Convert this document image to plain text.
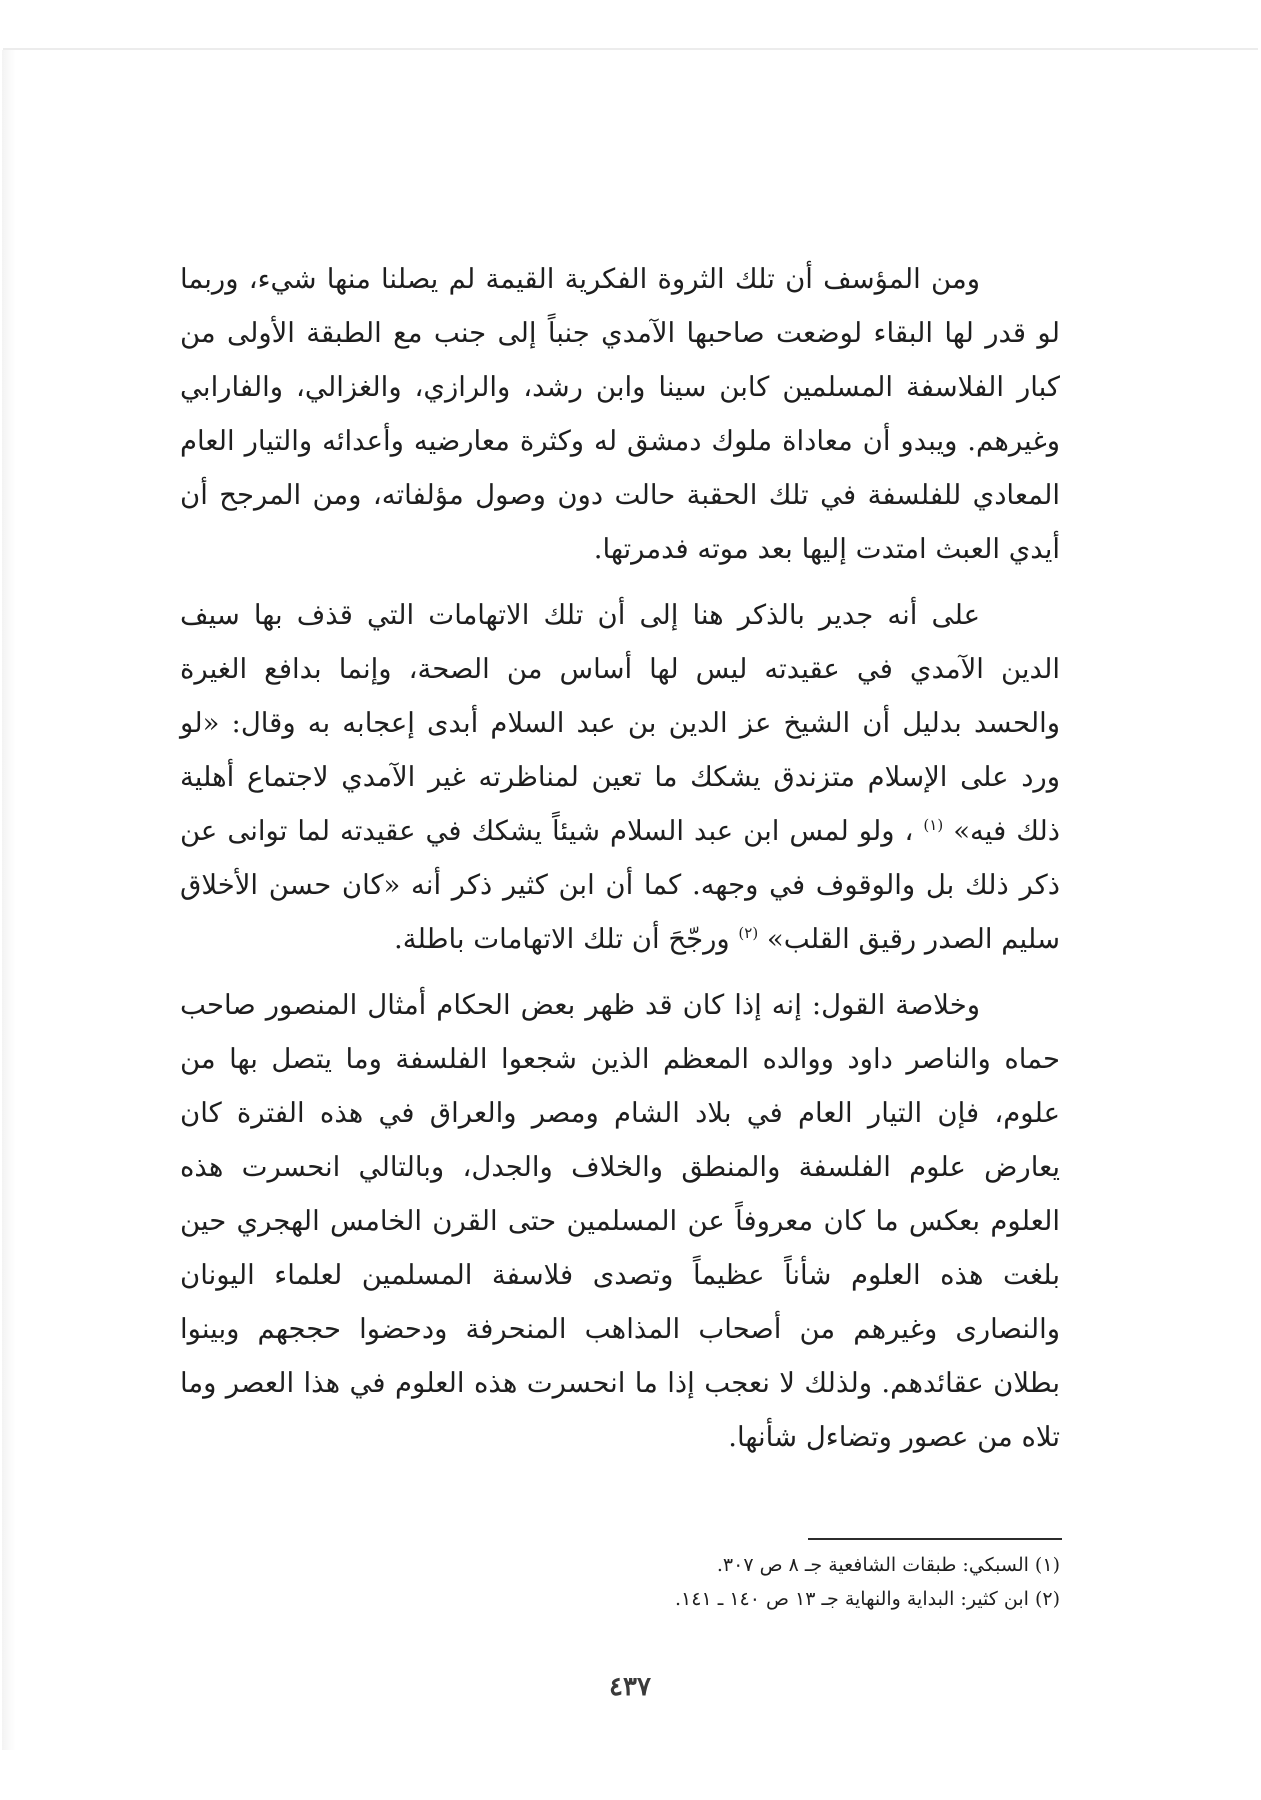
ومن المؤسف أن تلك الثروة الفكرية القيمة لم يصلنا منها شيء، وربما لو قدر لها البقاء لوضعت صاحبها الآمدي جنباً إلى جنب مع الطبقة الأولى من كبار الفلاسفة المسلمين كابن سينا وابن رشد، والرازي، والغزالي، والفارابي وغيرهم. ويبدو أن معاداة ملوك دمشق له وكثرة معارضيه وأعدائه والتيار العام المعادي للفلسفة في تلك الحقبة حالت دون وصول مؤلفاته، ومن المرجح أن أيدي العبث امتدت إليها بعد موته فدمرتها.

على أنه جدير بالذكر هنا إلى أن تلك الاتهامات التي قذف بها سيف الدين الآمدي في عقيدته ليس لها أساس من الصحة، وإنما بدافع الغيرة والحسد بدليل أن الشيخ عز الدين بن عبد السلام أبدى إعجابه به وقال: «لو ورد على الإسلام متزندق يشكك ما تعين لمناظرته غير الآمدي لاجتماع أهلية ذلك فيه» $^{(١)}$ ، ولو لمس ابن عبد السلام شيئاً يشكك في عقيدته لما توانى عن ذكر ذلك بل والوقوف في وجهه. كما أن ابن كثير ذكر أنه «كان حسن الأخلاق سليم الصدر رقيق القلب» $^{(٢)}$ ورجّحَ أن تلك الاتهامات باطلة.

وخلاصة القول: إنه إذا كان قد ظهر بعض الحكام أمثال المنصور صاحب حماه والناصر داود ووالده المعظم الذين شجعوا الفلسفة وما يتصل بها من علوم، فإن التيار العام في بلاد الشام ومصر والعراق في هذه الفترة كان يعارض علوم الفلسفة والمنطق والخلاف والجدل، وبالتالي انحسرت هذه العلوم بعكس ما كان معروفاً عن المسلمين حتى القرن الخامس الهجري حين بلغت هذه العلوم شأناً عظيماً وتصدى فلاسفة المسلمين لعلماء اليونان والنصارى وغيرهم من أصحاب المذاهب المنحرفة ودحضوا حججهم وبينوا بطلان عقائدهم. ولذلك لا نعجب إذا ما انحسرت هذه العلوم في هذا العصر وما تلاه من عصور وتضاءل شأنها.

(١) السبكي: طبقات الشافعية جـ ٨ ص ٣٠٧.

(٢) ابن كثير: البداية والنهاية جـ ١٣ ص ١٤٠ ـ ١٤١.

٤٣٧
